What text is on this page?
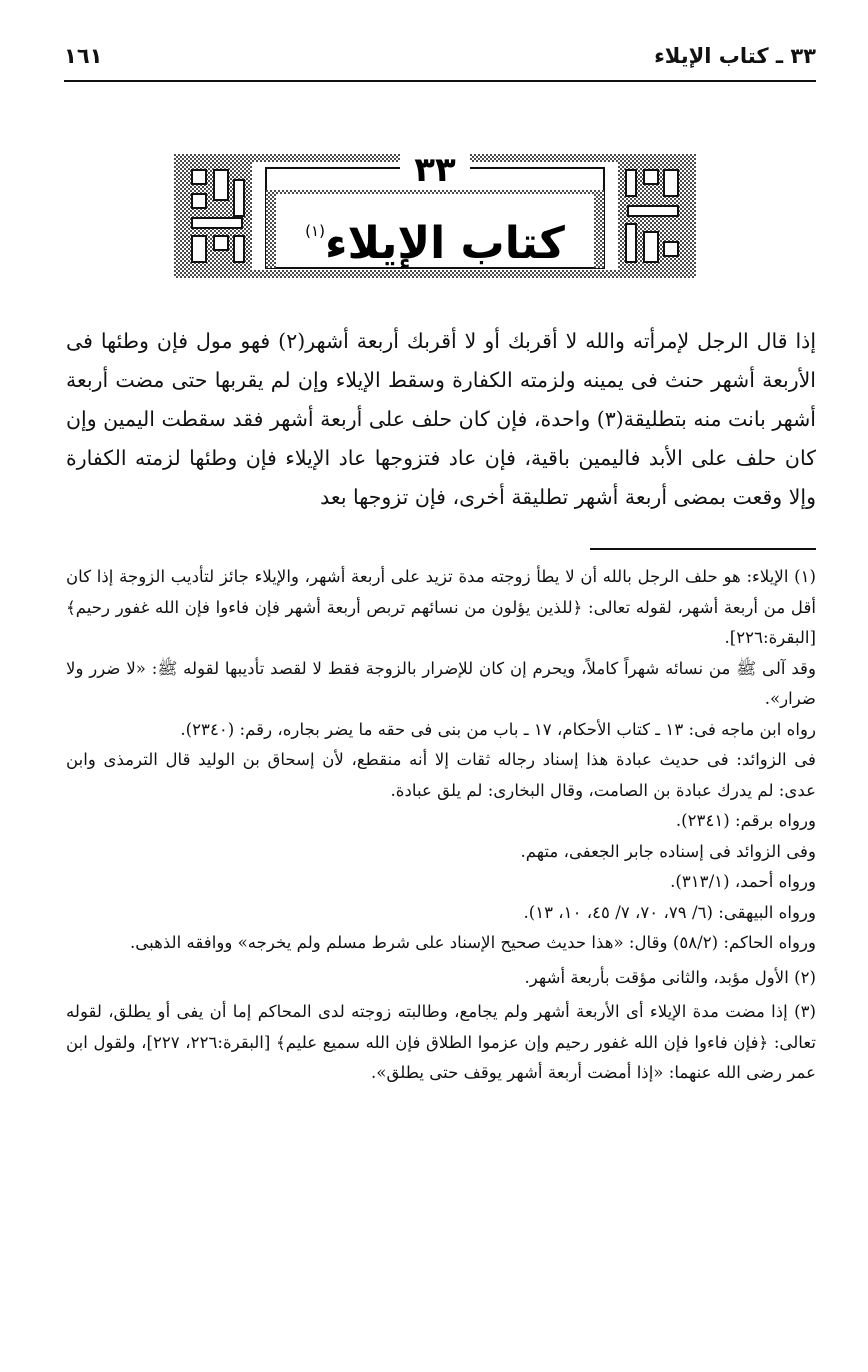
٣٣ ـ كتاب الإيلاء
١٦١
٣٣
كتاب الإيلاء$^{(١)}$

إذا قال الرجل لإمرأته والله لا أقربك أو لا أقربك أربعة أشهر(٢) فهو مول فإن وطئها فى الأربعة أشهر حنث فى يمينه ولزمته الكفارة وسقط الإيلاء وإن لم يقربها حتى مضت أربعة أشهر بانت منه بتطليقة(٣) واحدة، فإن كان حلف على أربعة أشهر فقد سقطت اليمين وإن كان حلف على الأبد فاليمين باقية، فإن عاد فتزوجها عاد الإيلاء فإن وطئها لزمته الكفارة وإلا وقعت بمضى أربعة أشهر تطليقة أخرى، فإن تزوجها بعد

(١) الإيلاء: هو حلف الرجل بالله أن لا يطأ زوجته مدة تزيد على أربعة أشهر، والإيلاء جائز لتأديب الزوجة إذا كان أقل من أربعة أشهر، لقوله تعالى: ﴿للذين يؤلون من نسائهم تربص أربعة أشهر فإن فاءوا فإن الله غفور رحيم﴾ [البقرة:٢٢٦].

وقد آلى ﷺ من نسائه شهراً كاملاً، ويحرم إن كان للإضرار بالزوجة فقط لا لقصد تأديبها لقوله ﷺ: «لا ضرر ولا ضرار».

رواه ابن ماجه فى: ١٣ ـ كتاب الأحكام، ١٧ ـ باب من بنى فى حقه ما يضر بجاره، رقم: (٢٣٤٠).

فى الزوائد: فى حديث عبادة هذا إسناد رجاله ثقات إلا أنه منقطع، لأن إسحاق بن الوليد قال الترمذى وابن عدى: لم يدرك عبادة بن الصامت، وقال البخارى: لم يلق عبادة.

ورواه برقم: (٢٣٤١).

وفى الزوائد فى إسناده جابر الجعفى، متهم.

ورواه أحمد، (٣١٣/١).

ورواه البيهقى: (٦/ ٧٩، ٧٠، ٧/ ٤٥، ١٠، ١٣).

ورواه الحاكم: (٥٨/٢) وقال: «هذا حديث صحيح الإسناد على شرط مسلم ولم يخرجه» ووافقه الذهبى.

(٢) الأول مؤبد، والثانى مؤقت بأربعة أشهر.

(٣) إذا مضت مدة الإيلاء أى الأربعة أشهر ولم يجامع، وطالبته زوجته لدى المحاكم إما أن يفى أو يطلق، لقوله تعالى: ﴿فإن فاءوا فإن الله غفور رحيم وإن عزموا الطلاق فإن الله سميع عليم﴾ [البقرة:٢٢٦، ٢٢٧]، ولقول ابن عمر رضى الله عنهما: «إذا أمضت أربعة أشهر يوقف حتى يطلق».
